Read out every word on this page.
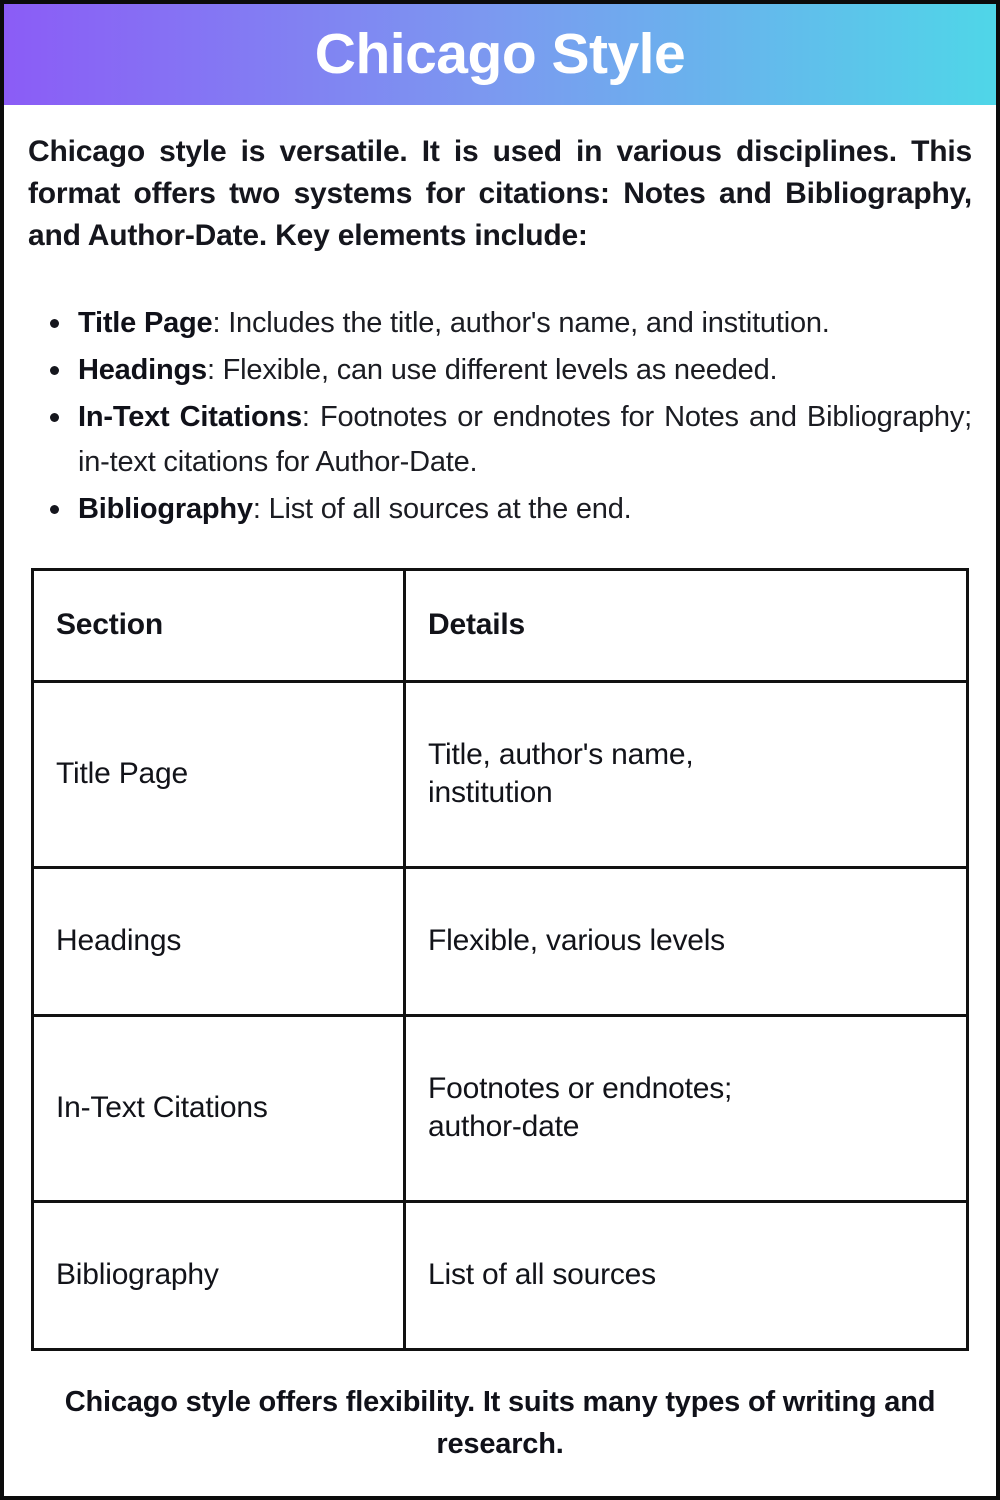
Chicago Style

Chicago style is versatile. It is used in various disciplines. This format offers two systems for citations: Notes and Bibliography, and Author-Date. Key elements include:

Title Page: Includes the title, author's name, and institution.
Headings: Flexible, can use different levels as needed.
In-Text Citations: Footnotes or endnotes for Notes and Bibliography; in-text citations for Author-Date.
Bibliography: List of all sources at the end.
Section	Details
Title Page	Title, author's name,
institution

Headings	Flexible, various levels

In-Text Citations	Footnotes or endnotes;
author-date

Bibliography	List of all sources

Chicago style offers flexibility. It suits many types of writing and research.
